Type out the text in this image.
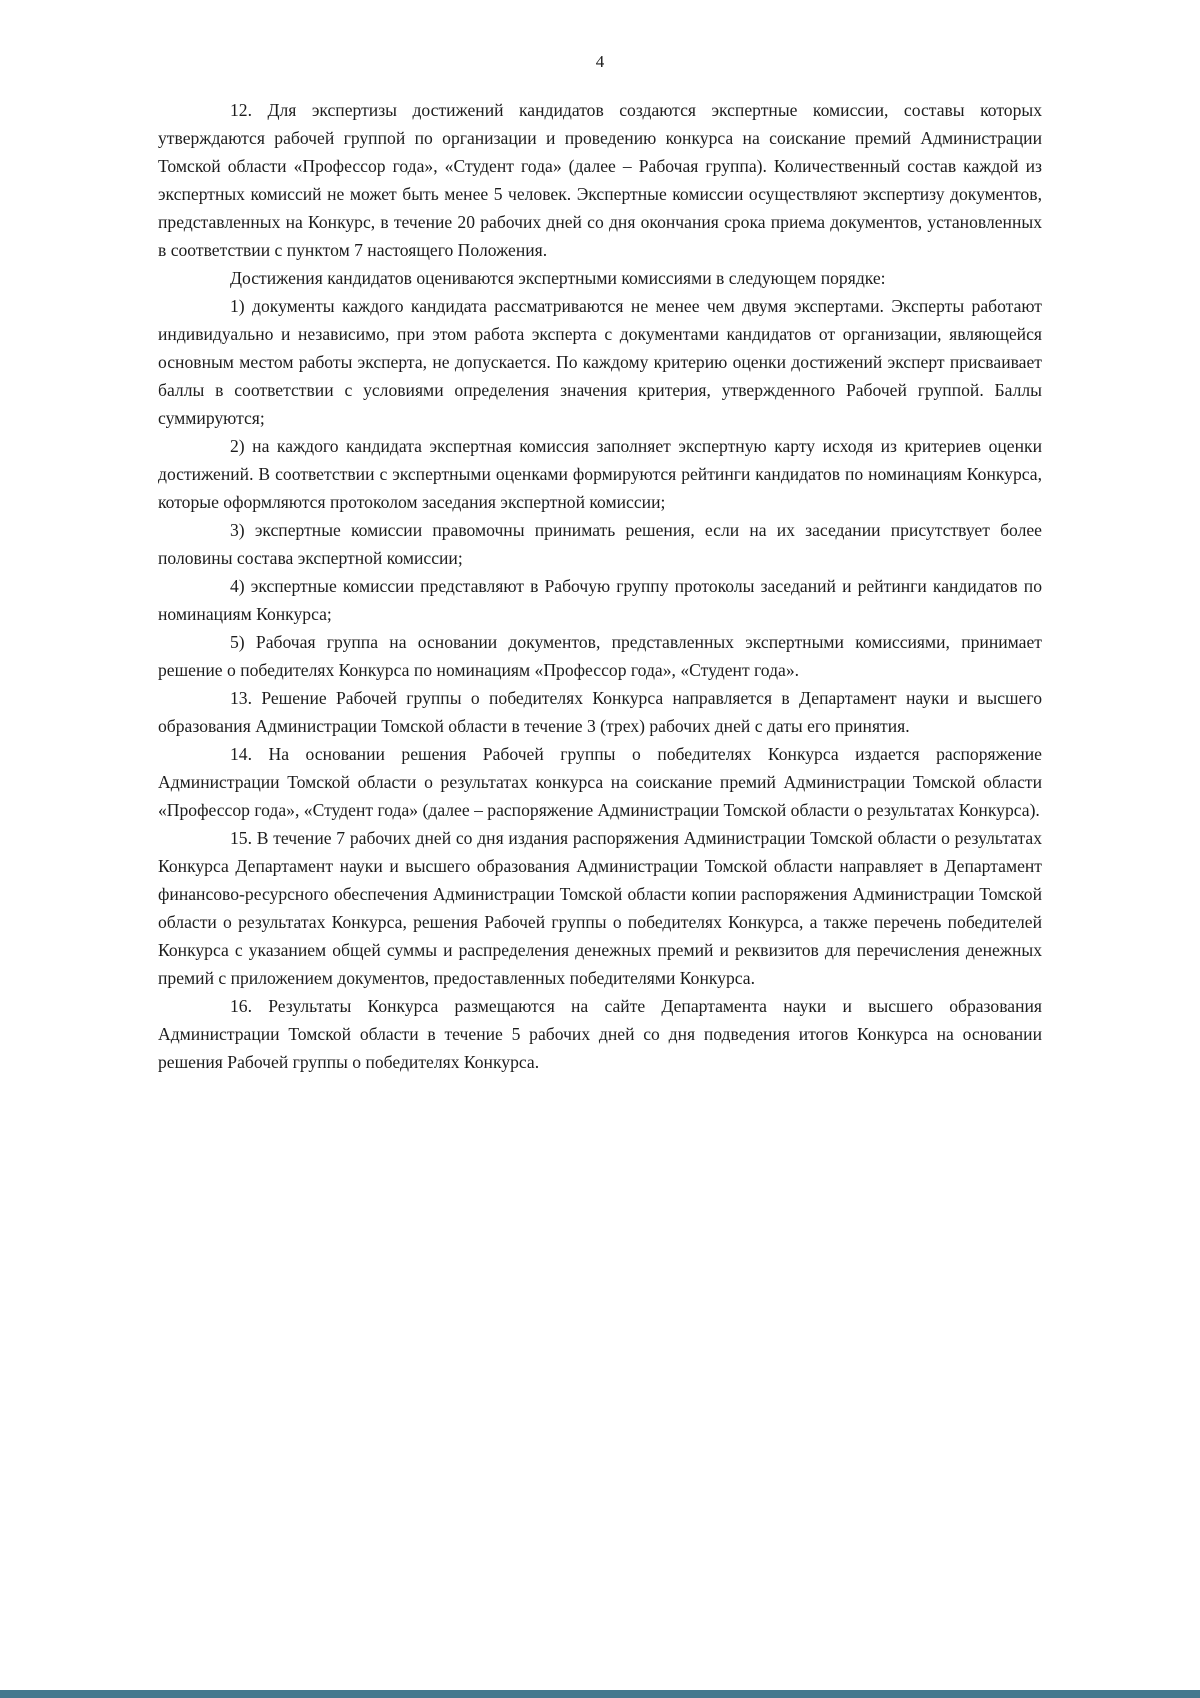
4

12. Для экспертизы достижений кандидатов создаются экспертные комиссии, составы которых утверждаются рабочей группой по организации и проведению конкурса на соискание премий Администрации Томской области «Профессор года», «Студент года» (далее – Рабочая группа). Количественный состав каждой из экспертных комиссий не может быть менее 5 человек. Экспертные комиссии осуществляют экспертизу документов, представленных на Конкурс, в течение 20 рабочих дней со дня окончания срока приема документов, установленных в соответствии с пунктом 7 настоящего Положения.

Достижения кандидатов оцениваются экспертными комиссиями в следующем порядке:

1) документы каждого кандидата рассматриваются не менее чем двумя экспертами. Эксперты работают индивидуально и независимо, при этом работа эксперта с документами кандидатов от организации, являющейся основным местом работы эксперта, не допускается. По каждому критерию оценки достижений эксперт присваивает баллы в соответствии с условиями определения значения критерия, утвержденного Рабочей группой. Баллы суммируются;

2) на каждого кандидата экспертная комиссия заполняет экспертную карту исходя из критериев оценки достижений. В соответствии с экспертными оценками формируются рейтинги кандидатов по номинациям Конкурса, которые оформляются протоколом заседания экспертной комиссии;

3) экспертные комиссии правомочны принимать решения, если на их заседании присутствует более половины состава экспертной комиссии;

4) экспертные комиссии представляют в Рабочую группу протоколы заседаний и рейтинги кандидатов по номинациям Конкурса;

5) Рабочая группа на основании документов, представленных экспертными комиссиями, принимает решение о победителях Конкурса по номинациям «Профессор года», «Студент года».

13. Решение Рабочей группы о победителях Конкурса направляется в Департамент науки и высшего образования Администрации Томской области в течение 3 (трех) рабочих дней с даты его принятия.

14. На основании решения Рабочей группы о победителях Конкурса издается распоряжение Администрации Томской области о результатах конкурса на соискание премий Администрации Томской области «Профессор года», «Студент года» (далее – распоряжение Администрации Томской области о результатах Конкурса).

15. В течение 7 рабочих дней со дня издания распоряжения Администрации Томской области о результатах Конкурса Департамент науки и высшего образования Администрации Томской области направляет в Департамент финансово-ресурсного обеспечения Администрации Томской области копии распоряжения Администрации Томской области о результатах Конкурса, решения Рабочей группы о победителях Конкурса, а также перечень победителей Конкурса с указанием общей суммы и распределения денежных премий и реквизитов для перечисления денежных премий с приложением документов, предоставленных победителями Конкурса.

16. Результаты Конкурса размещаются на сайте Департамента науки и высшего образования Администрации Томской области в течение 5 рабочих дней со дня подведения итогов Конкурса на основании решения Рабочей группы о победителях Конкурса.
